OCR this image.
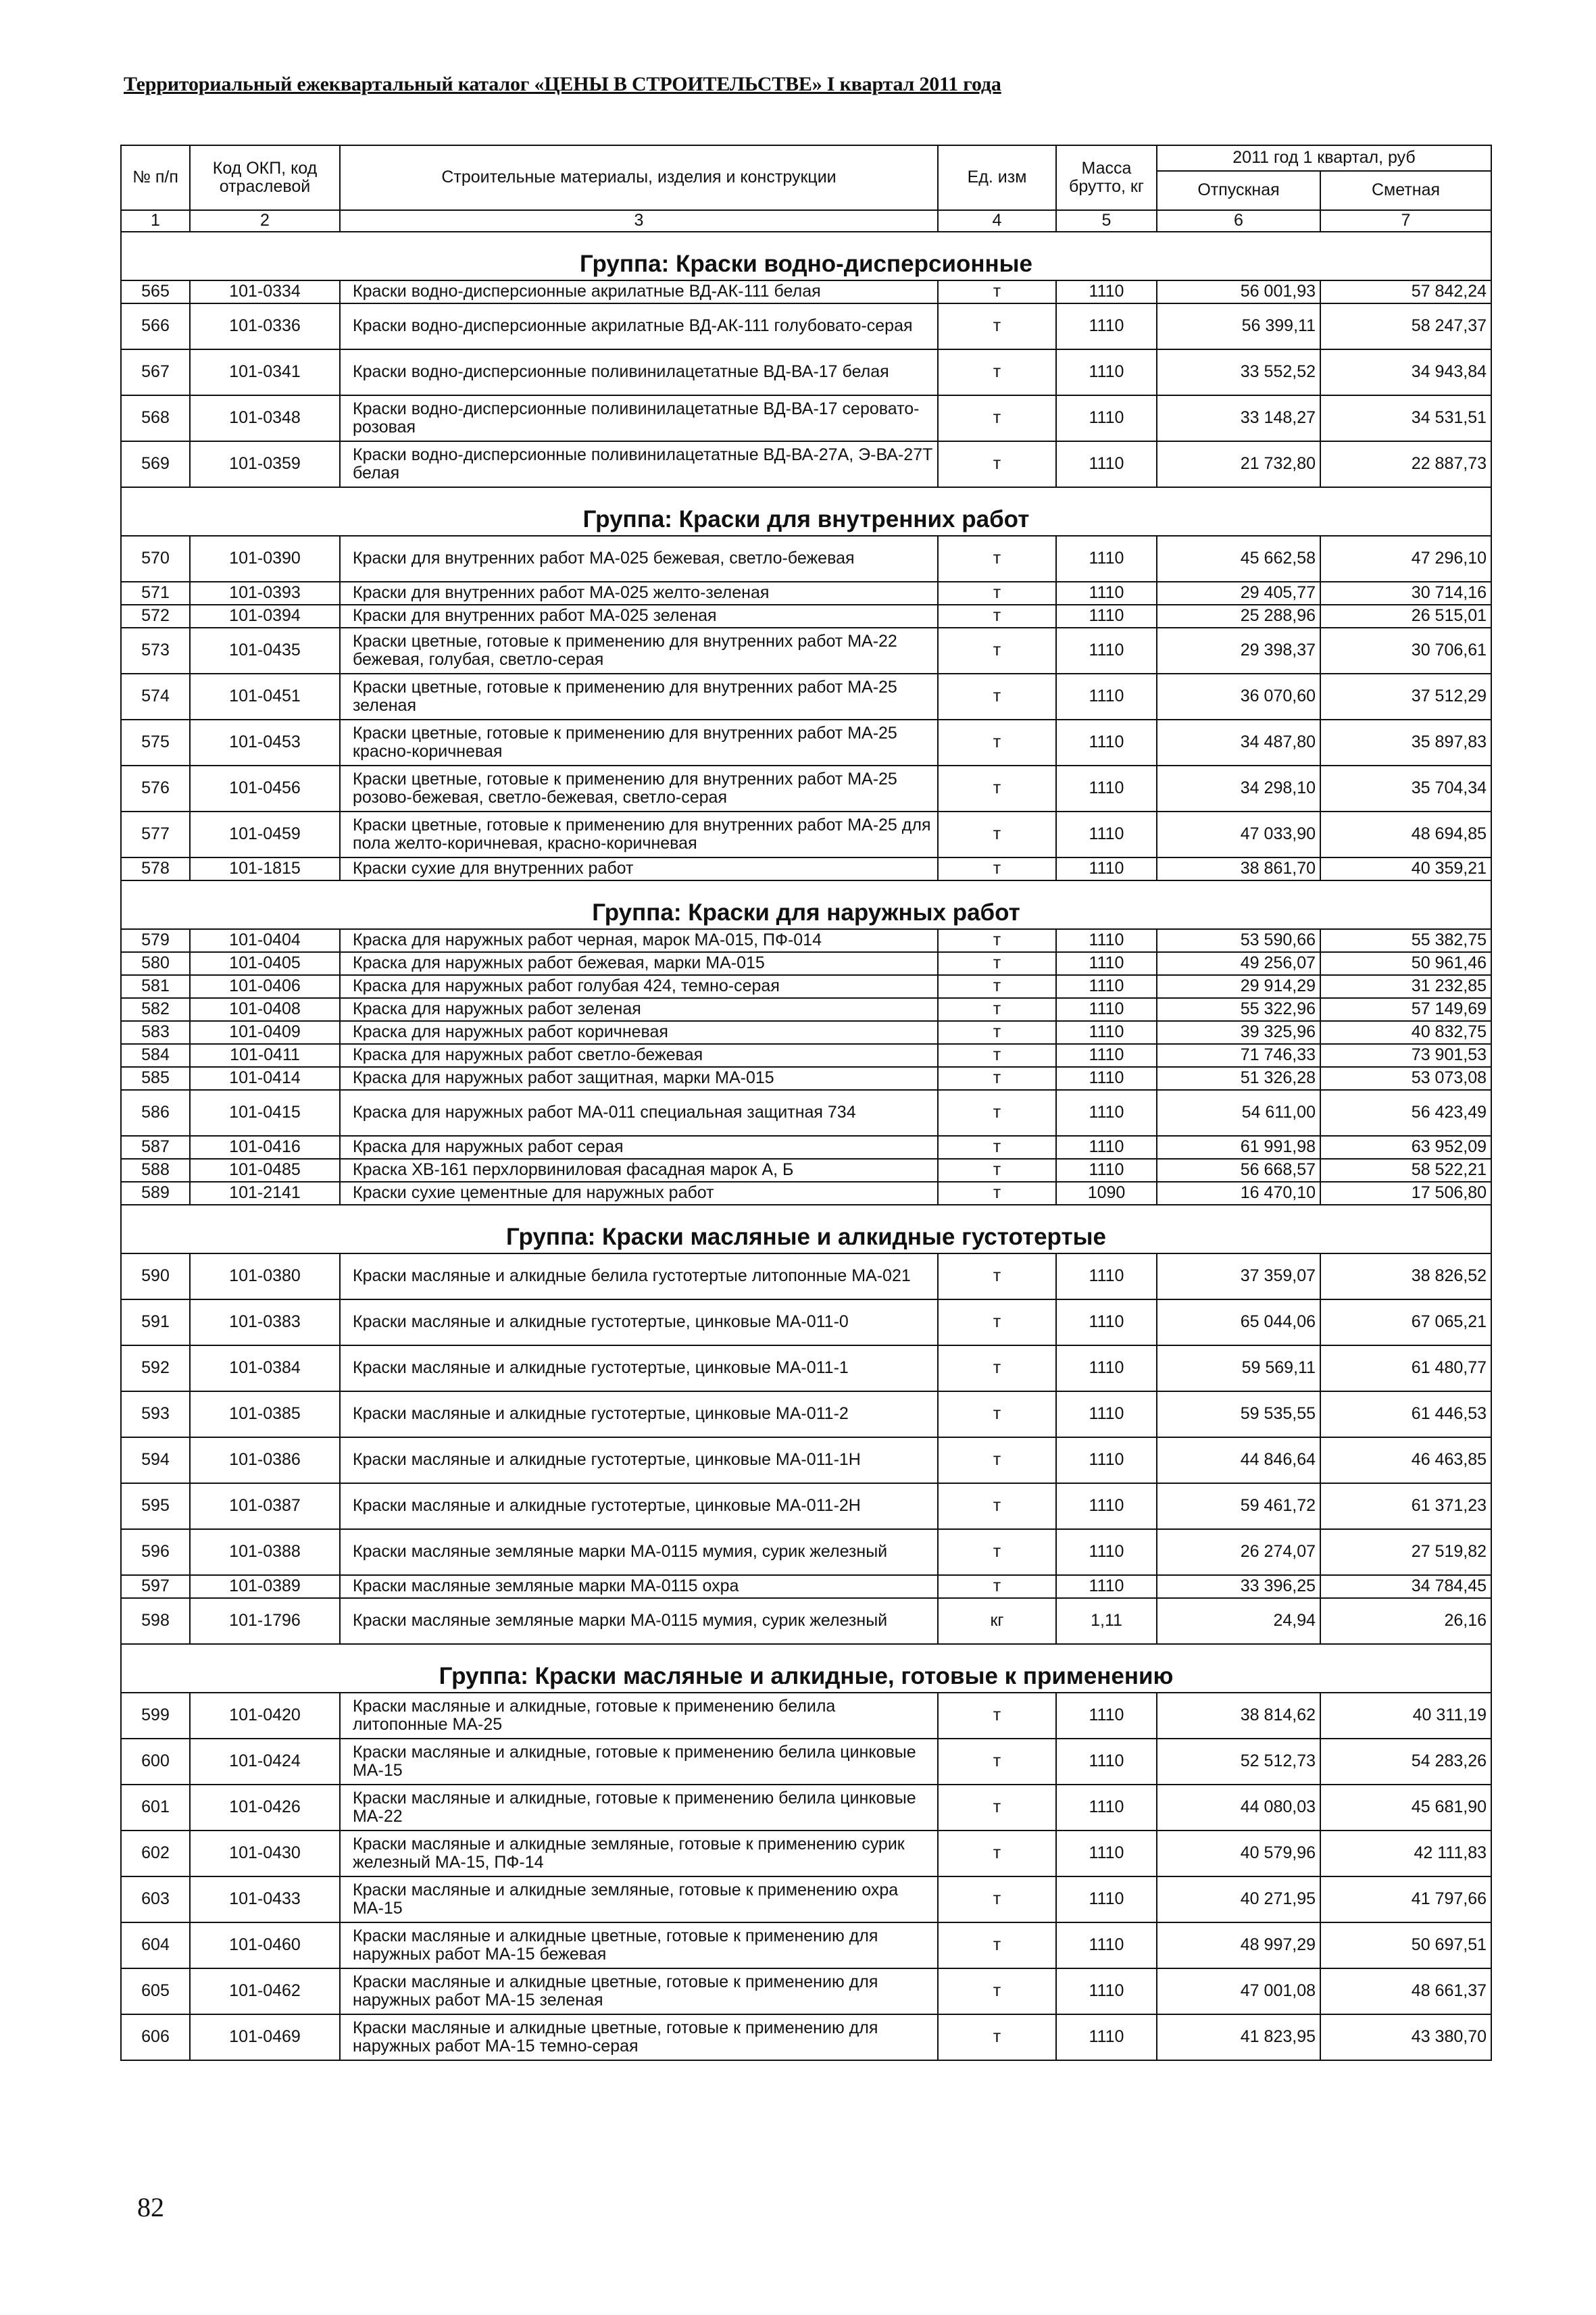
Территориальный ежеквартальный каталог «ЦЕНЫ В СТРОИТЕЛЬСТВЕ» I квартал 2011 года
№ п/п	Код ОКП, код отраслевой	Строительные материалы, изделия и конструкции	Ед. изм	Масса брутто, кг	2011 год 1 квартал, руб	
					Отпускная	Сметная
1	2	3	4	5	6	7
Группа: Краски водно-дисперсионные						
565	101-0334	Краски водно-дисперсионные акрилатные ВД-АК-111 белая	т	1110	56 001,93	57 842,24
566	101-0336	Краски водно-дисперсионные акрилатные ВД-АК-111 голубовато-серая	т	1110	56 399,11	58 247,37
567	101-0341	Краски водно-дисперсионные поливинилацетатные ВД-ВА-17 белая	т	1110	33 552,52	34 943,84
568	101-0348	Краски водно-дисперсионные поливинилацетатные ВД-ВА-17 серовато-розовая	т	1110	33 148,27	34 531,51
569	101-0359	Краски водно-дисперсионные поливинилацетатные ВД-ВА-27А, Э-ВА-27Т белая	т	1110	21 732,80	22 887,73
Группа: Краски для внутренних работ						
570	101-0390	Краски для внутренних работ МА-025 бежевая, светло-бежевая	т	1110	45 662,58	47 296,10
571	101-0393	Краски для внутренних работ МА-025 желто-зеленая	т	1110	29 405,77	30 714,16
572	101-0394	Краски для внутренних работ МА-025 зеленая	т	1110	25 288,96	26 515,01
573	101-0435	Краски цветные, готовые к применению для внутренних работ МА-22 бежевая, голубая, светло-серая	т	1110	29 398,37	30 706,61
574	101-0451	Краски цветные, готовые к применению для внутренних работ МА-25 зеленая	т	1110	36 070,60	37 512,29
575	101-0453	Краски цветные, готовые к применению для внутренних работ МА-25 красно-коричневая	т	1110	34 487,80	35 897,83
576	101-0456	Краски цветные, готовые к применению для внутренних работ МА-25 розово-бежевая, светло-бежевая, светло-серая	т	1110	34 298,10	35 704,34
577	101-0459	Краски цветные, готовые к применению для внутренних работ МА-25 для пола желто-коричневая, красно-коричневая	т	1110	47 033,90	48 694,85
578	101-1815	Краски сухие для внутренних работ	т	1110	38 861,70	40 359,21
Группа: Краски для наружных работ						
579	101-0404	Краска для наружных работ черная, марок МА-015, ПФ-014	т	1110	53 590,66	55 382,75
580	101-0405	Краска для наружных работ бежевая, марки МА-015	т	1110	49 256,07	50 961,46
581	101-0406	Краска для наружных работ голубая 424, темно-серая	т	1110	29 914,29	31 232,85
582	101-0408	Краска для наружных работ зеленая	т	1110	55 322,96	57 149,69
583	101-0409	Краска для наружных работ коричневая	т	1110	39 325,96	40 832,75
584	101-0411	Краска для наружных работ светло-бежевая	т	1110	71 746,33	73 901,53
585	101-0414	Краска для наружных работ защитная, марки МА-015	т	1110	51 326,28	53 073,08
586	101-0415	Краска для наружных работ МА-011 специальная защитная 734	т	1110	54 611,00	56 423,49
587	101-0416	Краска для наружных работ серая	т	1110	61 991,98	63 952,09
588	101-0485	Краска ХВ-161 перхлорвиниловая фасадная марок А, Б	т	1110	56 668,57	58 522,21
589	101-2141	Краски сухие цементные для наружных работ	т	1090	16 470,10	17 506,80
Группа: Краски масляные и алкидные густотертые						
590	101-0380	Краски масляные и алкидные белила густотертые литопонные МА-021	т	1110	37 359,07	38 826,52
591	101-0383	Краски масляные и алкидные густотертые, цинковые МА-011-0	т	1110	65 044,06	67 065,21
592	101-0384	Краски масляные и алкидные густотертые, цинковые МА-011-1	т	1110	59 569,11	61 480,77
593	101-0385	Краски масляные и алкидные густотертые, цинковые МА-011-2	т	1110	59 535,55	61 446,53
594	101-0386	Краски масляные и алкидные густотертые, цинковые МА-011-1Н	т	1110	44 846,64	46 463,85
595	101-0387	Краски масляные и алкидные густотертые, цинковые МА-011-2Н	т	1110	59 461,72	61 371,23
596	101-0388	Краски масляные земляные марки МА-0115 мумия, сурик железный	т	1110	26 274,07	27 519,82
597	101-0389	Краски масляные земляные марки МА-0115 охра	т	1110	33 396,25	34 784,45
598	101-1796	Краски масляные земляные марки МА-0115 мумия, сурик железный	кг	1,11	24,94	26,16
Группа: Краски масляные и алкидные, готовые к применению						
599	101-0420	Краски масляные и алкидные, готовые к применению белила литопонные МА-25	т	1110	38 814,62	40 311,19
600	101-0424	Краски масляные и алкидные, готовые к применению белила цинковые МА-15	т	1110	52 512,73	54 283,26
601	101-0426	Краски масляные и алкидные, готовые к применению белила цинковые МА-22	т	1110	44 080,03	45 681,90
602	101-0430	Краски масляные и алкидные земляные, готовые к применению сурик железный МА-15, ПФ-14	т	1110	40 579,96	42 111,83
603	101-0433	Краски масляные и алкидные земляные, готовые к применению охра МА-15	т	1110	40 271,95	41 797,66
604	101-0460	Краски масляные и алкидные цветные, готовые к применению для наружных работ МА-15 бежевая	т	1110	48 997,29	50 697,51
605	101-0462	Краски масляные и алкидные цветные, готовые к применению для наружных работ МА-15 зеленая	т	1110	47 001,08	48 661,37
606	101-0469	Краски масляные и алкидные цветные, готовые к применению для наружных работ МА-15 темно-серая	т	1110	41 823,95	43 380,70
82
